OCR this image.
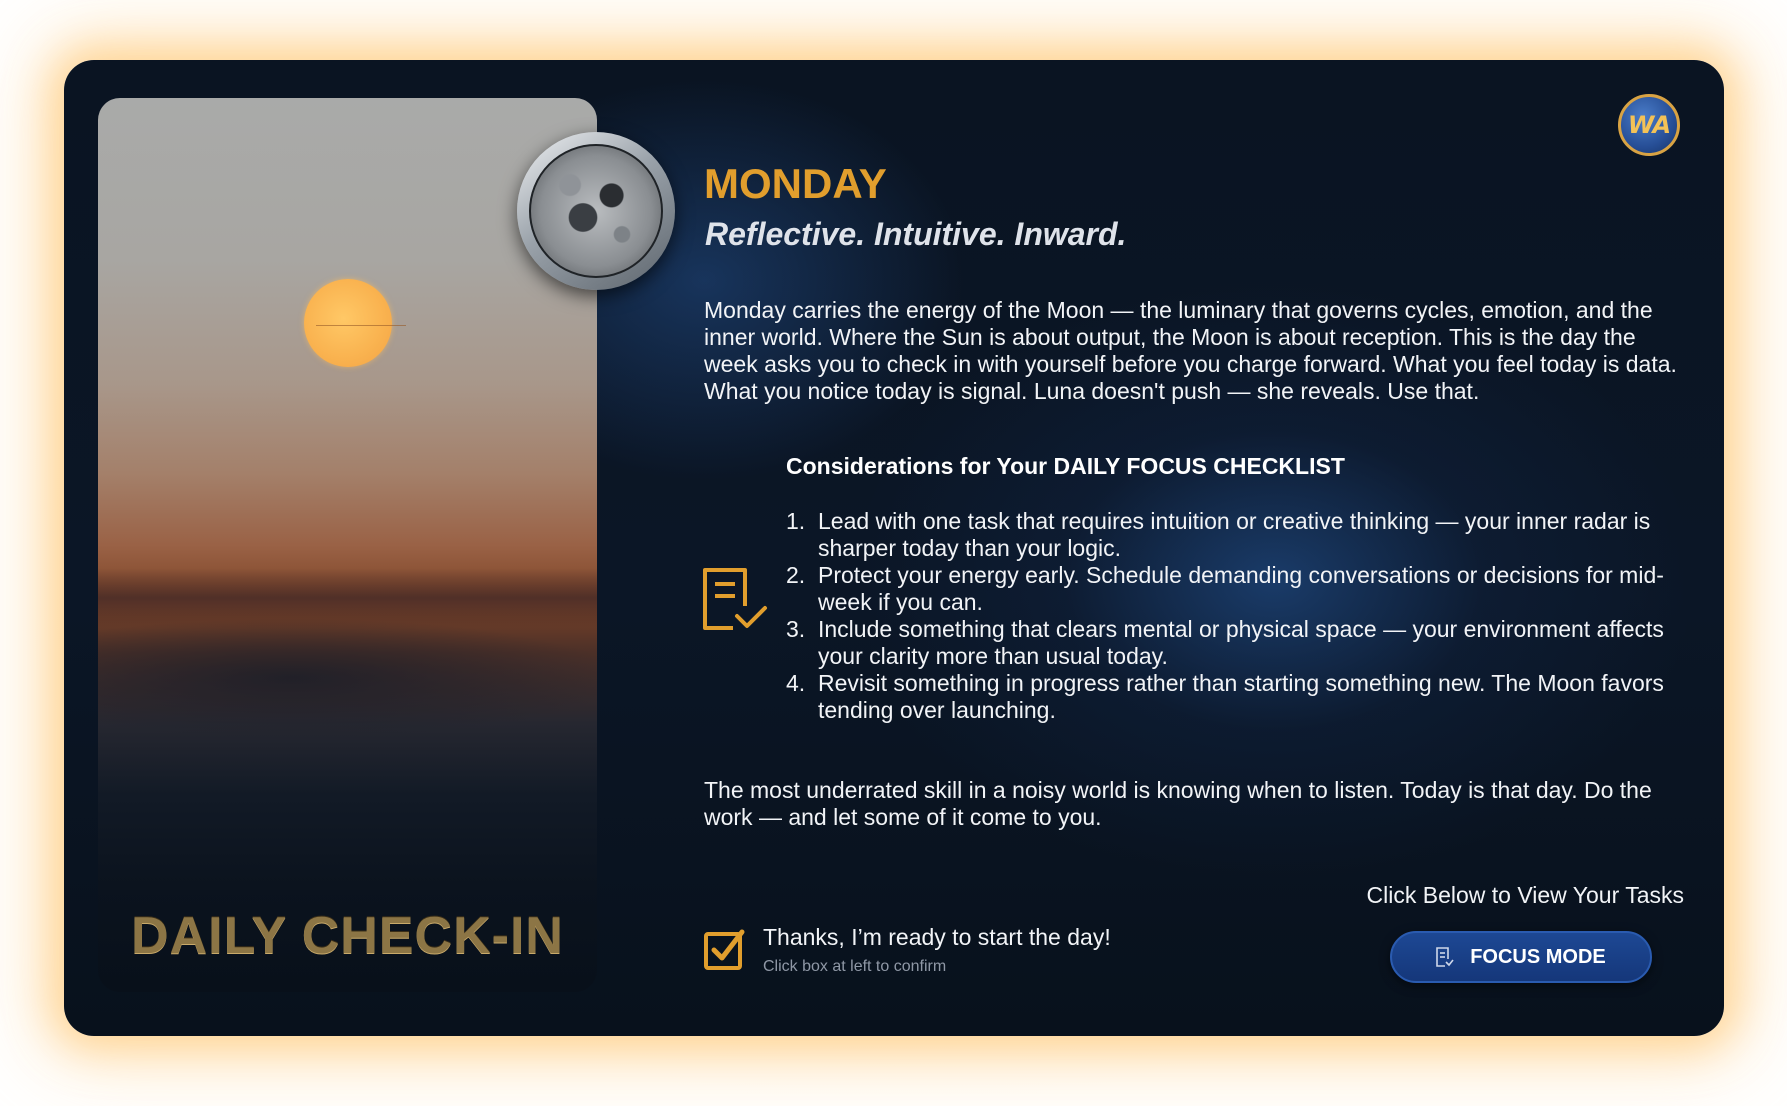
DAILY CHECK-IN
WA
MONDAY
Reflective. Intuitive. Inward.

Monday carries the energy of the Moon — the luminary that governs cycles, emotion, and the inner world. Where the Sun is about output, the Moon is about reception. This is the day the week asks you to check in with yourself before you charge forward. What you feel today is data. What you notice today is signal. Luna doesn't push — she reveals. Use that.

Considerations for Your DAILY FOCUS CHECKLIST
1. Lead with one task that requires intuition or creative thinking — your inner radar is sharper today than your logic.
2. Protect your energy early. Schedule demanding conversations or decisions for mid-week if you can.
3. Include something that clears mental or physical space — your environment affects your clarity more than usual today.
4. Revisit something in progress rather than starting something new. The Moon favors tending over launching.

The most underrated skill in a noisy world is knowing when to listen. Today is that day. Do the work — and let some of it come to you.

Click Below to View Your Tasks
FOCUS MODE
Thanks, I’m ready to start the day!
Click box at left to confirm
